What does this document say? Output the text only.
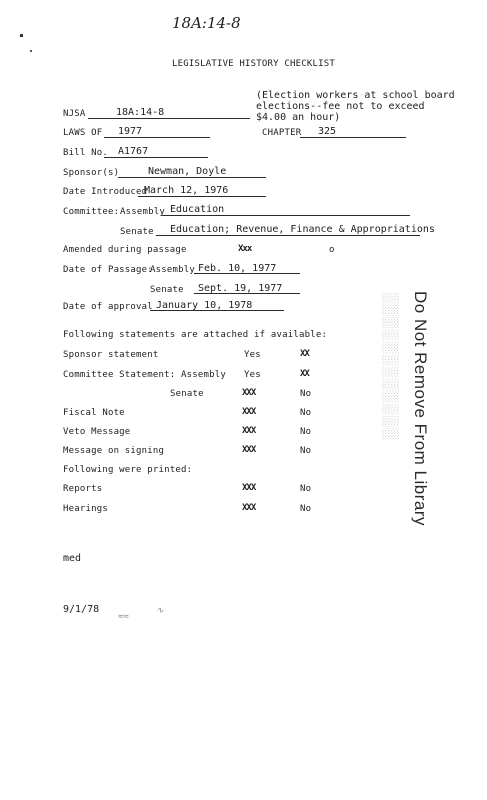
18A:14-8
LEGISLATIVE HISTORY CHECKLIST
(Election workers at school board
elections--fee not to exceed
$4.00 an hour)
NJSA	18A:14-8
LAWS OF 1977	CHAPTER 325
Bill No. A1767
Sponsor(s)	Newman, Doyle
Date Introduced
March 12, 1976
Committee: Assembly Education
Senate Education; Revenue, Finance & Appropriations
Amended during passage	Xxx	o
Date of Passage:
Assembly Feb. 10, 1977
Senate Sept. 19, 1977
Date of approval January 10, 1978
Following statements are attached if available:
Sponsor statement	Yes	XX
Committee Statement: Assembly Yes	XX
Senate	XXX	No
Fiscal Note	XXX	No
Veto Message	XXX	No
Message on signing	XXX	No
Following were printed:
Reports	XXX	No
Hearings	XXX	No
░░░░░░░░░░░░ Do Not Remove From Library
med
9/1/78
≈≈
∿
